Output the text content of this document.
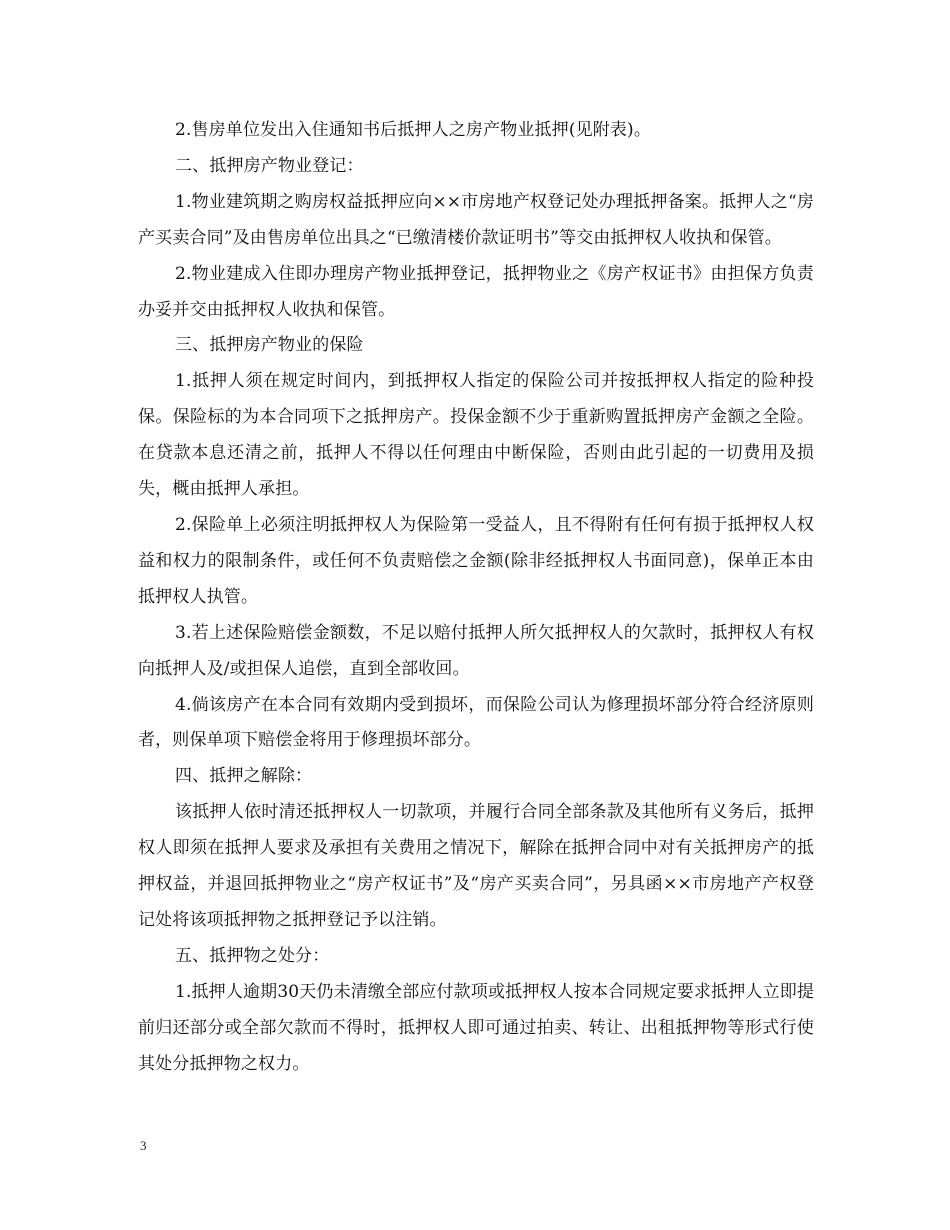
2.售房单位发出入住通知书后抵押人之房产物业抵押(见附表)。

二、抵押房产物业登记：

1.物业建筑期之购房权益抵押应向××市房地产权登记处办理抵押备案。抵押人之“房产买卖合同”及由售房单位出具之“已缴清楼价款证明书”等交由抵押权人收执和保管。

2.物业建成入住即办理房产物业抵押登记，抵押物业之《房产权证书》由担保方负责办妥并交由抵押权人收执和保管。

三、抵押房产物业的保险

1.抵押人须在规定时间内，到抵押权人指定的保险公司并按抵押权人指定的险种投保。保险标的为本合同项下之抵押房产。投保金额不少于重新购置抵押房产金额之全险。在贷款本息还清之前，抵押人不得以任何理由中断保险，否则由此引起的一切费用及损失，概由抵押人承担。

2.保险单上必须注明抵押权人为保险第一受益人，且不得附有任何有损于抵押权人权益和权力的限制条件，或任何不负责赔偿之金额(除非经抵押权人书面同意)，保单正本由抵押权人执管。

3.若上述保险赔偿金额数，不足以赔付抵押人所欠抵押权人的欠款时，抵押权人有权向抵押人及/或担保人追偿，直到全部收回。

4.倘该房产在本合同有效期内受到损坏，而保险公司认为修理损坏部分符合经济原则者，则保单项下赔偿金将用于修理损坏部分。

四、抵押之解除：

该抵押人依时清还抵押权人一切款项，并履行合同全部条款及其他所有义务后，抵押权人即须在抵押人要求及承担有关费用之情况下，解除在抵押合同中对有关抵押房产的抵押权益，并退回抵押物业之“房产权证书”及“房产买卖合同”，另具函××市房地产产权登记处将该项抵押物之抵押登记予以注销。

五、抵押物之处分：

1.抵押人逾期30天仍未清缴全部应付款项或抵押权人按本合同规定要求抵押人立即提前归还部分或全部欠款而不得时，抵押权人即可通过拍卖、转让、出租抵押物等形式行使其处分抵押物之权力。

3
